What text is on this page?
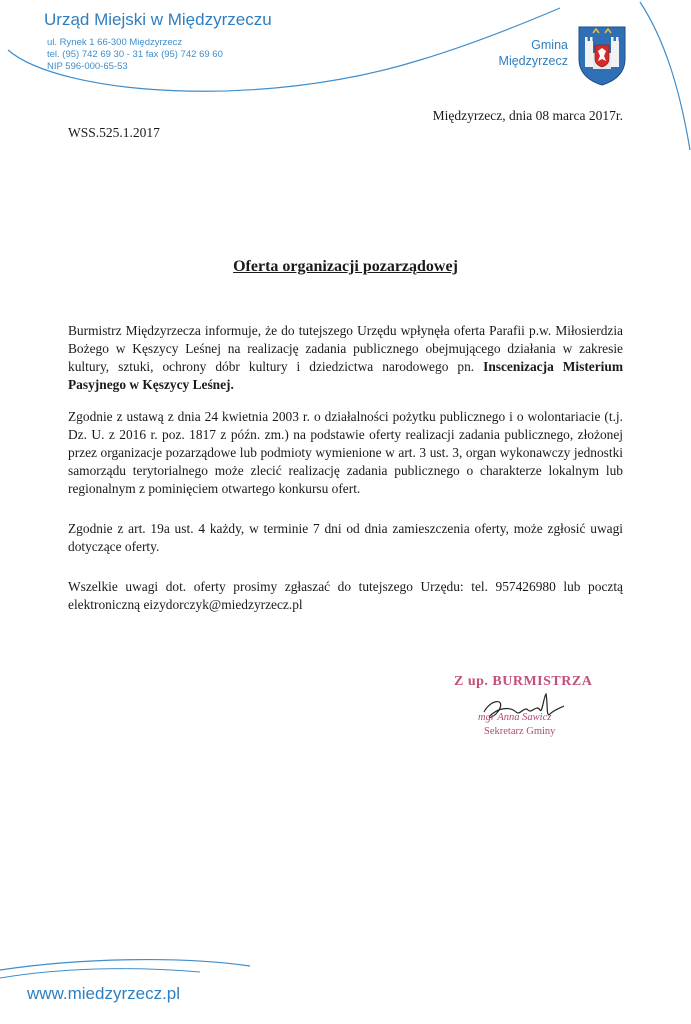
Urząd Miejski w Międzyrzeczu
ul. Rynek 1 66-300 Międzyrzecz
tel. (95) 742 69 30 - 31 fax (95) 742 69 60
NIP 596-000-65-53
Gmina
Międzyrzecz
Międzyrzecz, dnia 08 marca 2017r.
WSS.525.1.2017
Oferta organizacji pozarządowej

Burmistrz Międzyrzecza informuje, że do tutejszego Urzędu wpłynęła oferta Parafii p.w. Miłosierdzia Bożego w Kęszycy Leśnej na realizację zadania publicznego obejmującego działania w zakresie kultury, sztuki, ochrony dóbr kultury i dziedzictwa narodowego pn. Inscenizacja Misterium Pasyjnego w Kęszycy Leśnej.

Zgodnie z ustawą z dnia 24 kwietnia 2003 r. o działalności pożytku publicznego i o wolontariacie (t.j. Dz. U. z 2016 r. poz. 1817 z późn. zm.) na podstawie oferty realizacji zadania publicznego, złożonej przez organizacje pozarządowe lub podmioty wymienione w art. 3 ust. 3, organ wykonawczy jednostki samorządu terytorialnego może zlecić realizację zadania publicznego o charakterze lokalnym lub regionalnym z pominięciem otwartego konkursu ofert.

Zgodnie z art. 19a ust. 4 każdy, w terminie 7 dni od dnia zamieszczenia oferty, może zgłosić uwagi dotyczące oferty.

Wszelkie uwagi dot. oferty prosimy zgłaszać do tutejszego Urzędu: tel. 957426980 lub pocztą elektroniczną eizydorczyk@miedzyrzecz.pl

Z up. BURMISTRZA
mgr Anna Sawicz
Sekretarz Gminy
www.miedzyrzecz.pl
